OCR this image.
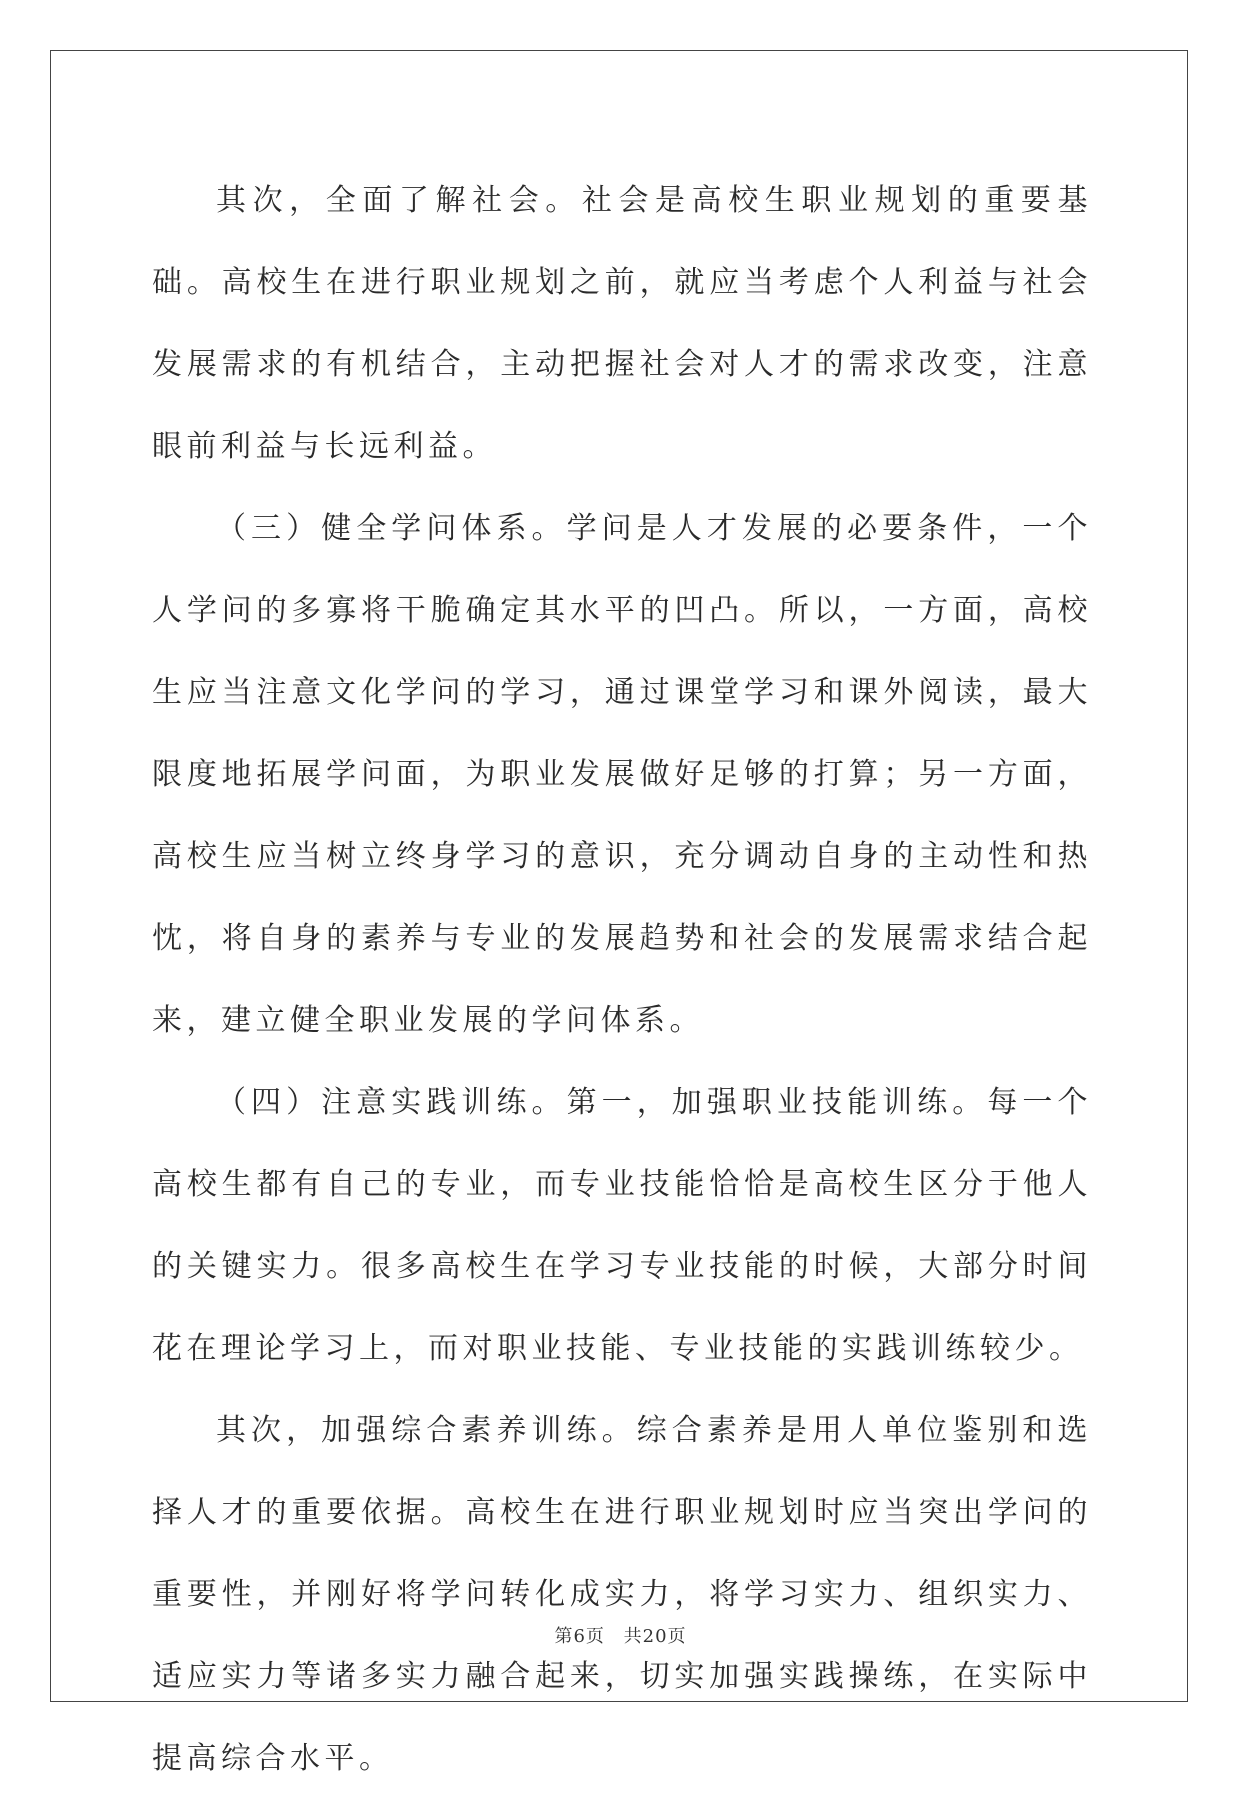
其次，全面了解社会。社会是高校生职业规划的重要基础。高校生在进行职业规划之前，就应当考虑个人利益与社会发展需求的有机结合，主动把握社会对人才的需求改变，注意眼前利益与长远利益。

（三）健全学问体系。学问是人才发展的必要条件，一个人学问的多寡将干脆确定其水平的凹凸。所以，一方面，高校生应当注意文化学问的学习，通过课堂学习和课外阅读，最大限度地拓展学问面，为职业发展做好足够的打算；另一方面，高校生应当树立终身学习的意识，充分调动自身的主动性和热忱，将自身的素养与专业的发展趋势和社会的发展需求结合起来，建立健全职业发展的学问体系。

（四）注意实践训练。第一，加强职业技能训练。每一个高校生都有自己的专业，而专业技能恰恰是高校生区分于他人的关键实力。很多高校生在学习专业技能的时候，大部分时间花在理论学习上，而对职业技能、专业技能的实践训练较少。

其次，加强综合素养训练。综合素养是用人单位鉴别和选择人才的重要依据。高校生在进行职业规划时应当突出学问的重要性，并刚好将学问转化成实力，将学习实力、组织实力、适应实力等诸多实力融合起来，切实加强实践操练，在实际中提高综合水平。

第6页 共20页
